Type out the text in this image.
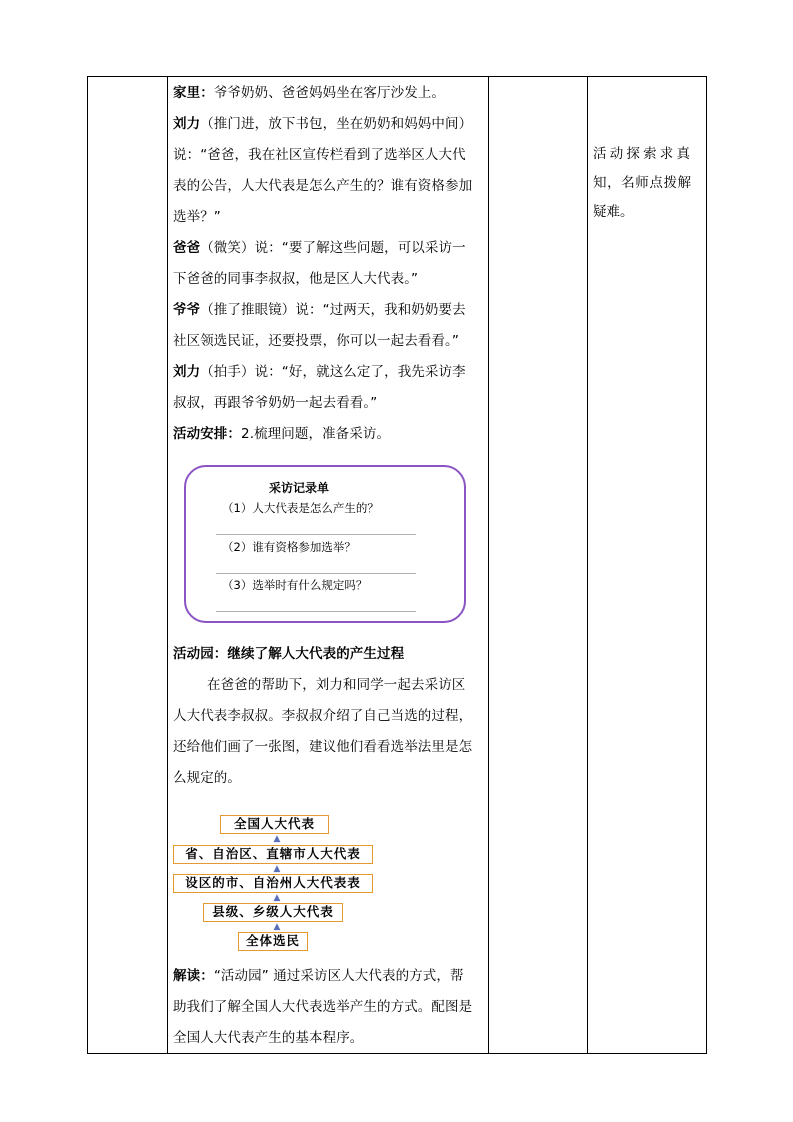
家里：爷爷奶奶、爸爸妈妈坐在客厅沙发上。
刘力（推门进，放下书包，坐在奶奶和妈妈中间）
说：“爸爸，我在社区宣传栏看到了选举区人大代
表的公告，人大代表是怎么产生的？谁有资格参加
选举？”
爸爸（微笑）说：“要了解这些问题，可以采访一
下爸爸的同事李叔叔，他是区人大代表。”
爷爷（推了推眼镜）说：“过两天，我和奶奶要去
社区领选民证，还要投票，你可以一起去看看。”
刘力（拍手）说：“好，就这么定了，我先采访李
叔叔，再跟爷爷奶奶一起去看看。”
活动安排：2.梳理问题，准备采访。
活动园：继续了解人大代表的产生过程
在爸爸的帮助下，刘力和同学一起去采访区
人大代表李叔叔。李叔叔介绍了自己当选的过程，
还给他们画了一张图，建议他们看看选举法里是怎
么规定的。
解读：“活动园” 通过采访区人大代表的方式，帮
助我们了解全国人大代表选举产生的方式。配图是
全国人大代表产生的基本程序。
采访记录单
（1）人大代表是怎么产生的？
（2）谁有资格参加选举？
（3）选举时有什么规定吗？
全国人大代表
▲
省、自治区、直辖市人大代表
▲
设区的市、自治州人大代表表
▲
县级、乡级人大代表
▲
全体选民
活动探索求真
知，名师点拨解
疑难。
